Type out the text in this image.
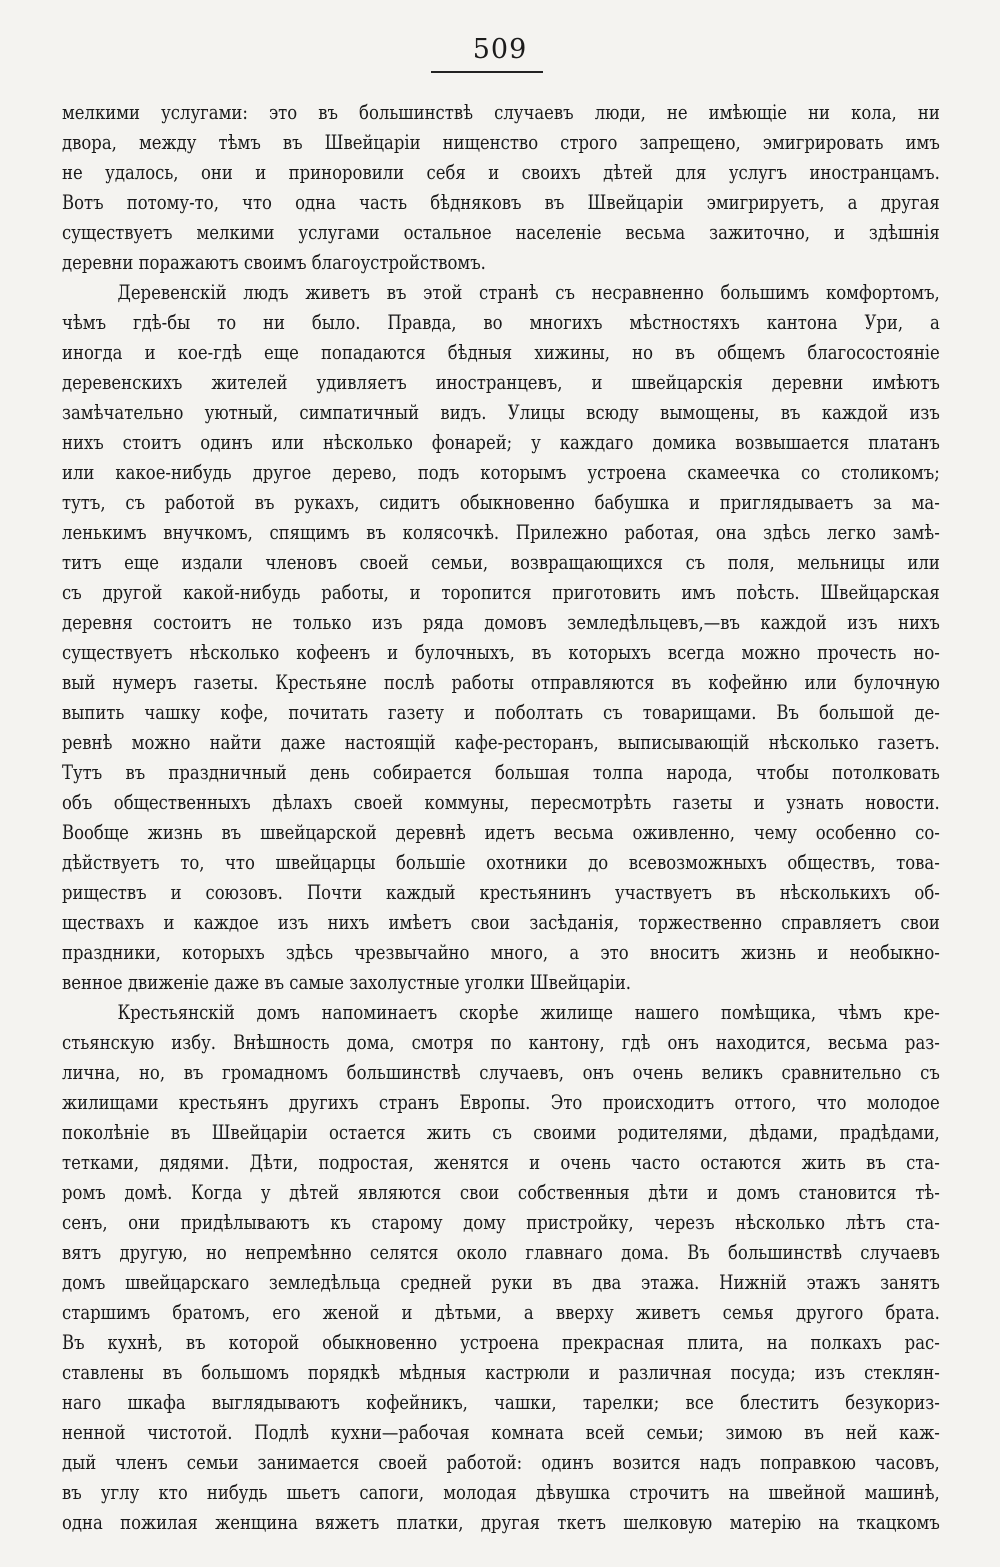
509
мелкими услугами: это въ большинствѣ случаевъ люди, не имѣющіе ни кола, ни
двора, между тѣмъ въ Швейцаріи нищенство строго запрещено, эмигрировать имъ
не удалось, они и приноровили себя и своихъ дѣтей для услугъ иностранцамъ.
Вотъ потому-то, что одна часть бѣдняковъ въ Швейцаріи эмигрируетъ, а другая
существуетъ мелкими услугами остальное населеніе весьма зажиточно, и здѣшнія
деревни поражаютъ своимъ благоустройствомъ.
Деревенскій людъ живетъ въ этой странѣ съ несравненно большимъ комфортомъ,
чѣмъ гдѣ-бы то ни было. Правда, во многихъ мѣстностяхъ кантона Ури, а
иногда и кое-гдѣ еще попадаются бѣдныя хижины, но въ общемъ благосостояніе
деревенскихъ жителей удивляетъ иностранцевъ, и швейцарскія деревни имѣютъ
замѣчательно уютный, симпатичный видъ. Улицы всюду вымощены, въ каждой изъ
нихъ стоитъ одинъ или нѣсколько фонарей; у каждаго домика возвышается платанъ
или какое-нибудь другое дерево, подъ которымъ устроена скамеечка со столикомъ;
тутъ, съ работой въ рукахъ, сидитъ обыкновенно бабушка и приглядываетъ за ма-
ленькимъ внучкомъ, спящимъ въ колясочкѣ. Прилежно работая, она здѣсь легко замѣ-
титъ еще издали членовъ своей семьи, возвращающихся съ поля, мельницы или
съ другой какой-нибудь работы, и торопится приготовить имъ поѣсть. Швейцарская
деревня состоитъ не только изъ ряда домовъ земледѣльцевъ,—въ каждой изъ нихъ
существуетъ нѣсколько кофеенъ и булочныхъ, въ которыхъ всегда можно прочесть но-
вый нумеръ газеты. Крестьяне послѣ работы отправляются въ кофейню или булочную
выпить чашку кофе, почитать газету и поболтать съ товарищами. Въ большой де-
ревнѣ можно найти даже настоящій кафе-ресторанъ, выписывающій нѣсколько газетъ.
Тутъ въ праздничный день собирается большая толпа народа, чтобы потолковать
объ общественныхъ дѣлахъ своей коммуны, пересмотрѣть газеты и узнать новости.
Вообще жизнь въ швейцарской деревнѣ идетъ весьма оживленно, чему особенно со-
дѣйствуетъ то, что швейцарцы большіе охотники до всевозможныхъ обществъ, това-
риществъ и союзовъ. Почти каждый крестьянинъ участвуетъ въ нѣсколькихъ об-
ществахъ и каждое изъ нихъ имѣетъ свои засѣданія, торжественно справляетъ свои
праздники, которыхъ здѣсь чрезвычайно много, а это вноситъ жизнь и необыкно-
венное движеніе даже въ самые захолустные уголки Швейцаріи.
Крестьянскій домъ напоминаетъ скорѣе жилище нашего помѣщика, чѣмъ кре-
стьянскую избу. Внѣшность дома, смотря по кантону, гдѣ онъ находится, весьма раз-
лична, но, въ громадномъ большинствѣ случаевъ, онъ очень великъ сравнительно съ
жилищами крестьянъ другихъ странъ Европы. Это происходитъ оттого, что молодое
поколѣніе въ Швейцаріи остается жить съ своими родителями, дѣдами, прадѣдами,
тетками, дядями. Дѣти, подростая, женятся и очень часто остаются жить въ ста-
ромъ домѣ. Когда у дѣтей являются свои собственныя дѣти и домъ становится тѣ-
сенъ, они придѣлываютъ къ старому дому пристройку, черезъ нѣсколько лѣтъ ста-
вятъ другую, но непремѣнно селятся около главнаго дома. Въ большинствѣ случаевъ
домъ швейцарскаго земледѣльца средней руки въ два этажа. Нижній этажъ занятъ
старшимъ братомъ, его женой и дѣтьми, а вверху живетъ семья другого брата.
Въ кухнѣ, въ которой обыкновенно устроена прекрасная плита, на полкахъ рас-
ставлены въ большомъ порядкѣ мѣдныя кастрюли и различная посуда; изъ стеклян-
наго шкафа выглядываютъ кофейникъ, чашки, тарелки; все блеститъ безукориз-
ненной чистотой. Подлѣ кухни—рабочая комната всей семьи; зимою въ ней каж-
дый членъ семьи занимается своей работой: одинъ возится надъ поправкою часовъ,
въ углу кто нибудь шьетъ сапоги, молодая дѣвушка строчитъ на швейной машинѣ,
одна пожилая женщина вяжетъ платки, другая ткетъ шелковую матерію на ткацкомъ
